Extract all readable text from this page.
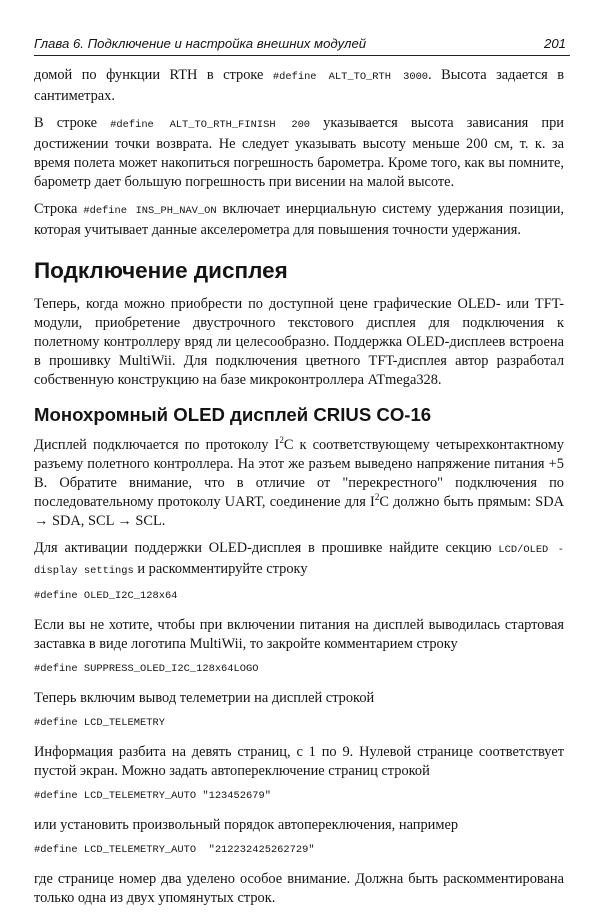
Глава 6. Подключение и настройка внешних модулей	201

домой по функции RTH в строке #define ALT_TO_RTH 3000. Высота задается в сантиметрах.

В строке #define ALT_TO_RTH_FINISH 200 указывается высота зависания при достижении точки возврата. Не следует указывать высоту меньше 200 см, т. к. за время полета может накопиться погрешность барометра. Кроме того, как вы помните, барометр дает большую погрешность при висении на малой высоте.

Строка #define INS_PH_NAV_ON включает инерциальную систему удержания позиции, которая учитывает данные акселерометра для повышения точности удержания.

Подключение дисплея

Теперь, когда можно приобрести по доступной цене графические OLED- или TFT-модули, приобретение двустрочного текстового дисплея для подключения к полетному контроллеру вряд ли целесообразно. Поддержка OLED-дисплеев встроена в прошивку MultiWii. Для подключения цветного TFT-дисплея автор разработал собственную конструкцию на базе микроконтроллера ATmega328.

Монохромный OLED дисплей CRIUS CO-16

Дисплей подключается по протоколу $I^2C$ к соответствующему четырехконтактному разъему полетного контроллера. На этот же разъем выведено напряжение питания +5 В. Обратите внимание, что в отличие от "перекрестного" подключения по последовательному протоколу UART, соединение для $I^2C$ должно быть прямым: SDA → SDA, SCL → SCL.

Для активации поддержки OLED-дисплея в прошивке найдите секцию LCD/OLED - display settings и раскомментируйте строку

#define OLED_I2C_128x64

Если вы не хотите, чтобы при включении питания на дисплей выводилась стартовая заставка в виде логотипа MultiWii, то закройте комментарием строку

#define SUPPRESS_OLED_I2C_128x64LOGO

Теперь включим вывод телеметрии на дисплей строкой

#define LCD_TELEMETRY

Информация разбита на девять страниц, с 1 по 9. Нулевой странице соответствует пустой экран. Можно задать автопереключение страниц строкой

#define LCD_TELEMETRY_AUTO "123452679"

или установить произвольный порядок автопереключения, например

#define LCD_TELEMETRY_AUTO  "212232425262729"

где странице номер два уделено особое внимание. Должна быть раскомментирована только одна из двух упомянутых строк.
